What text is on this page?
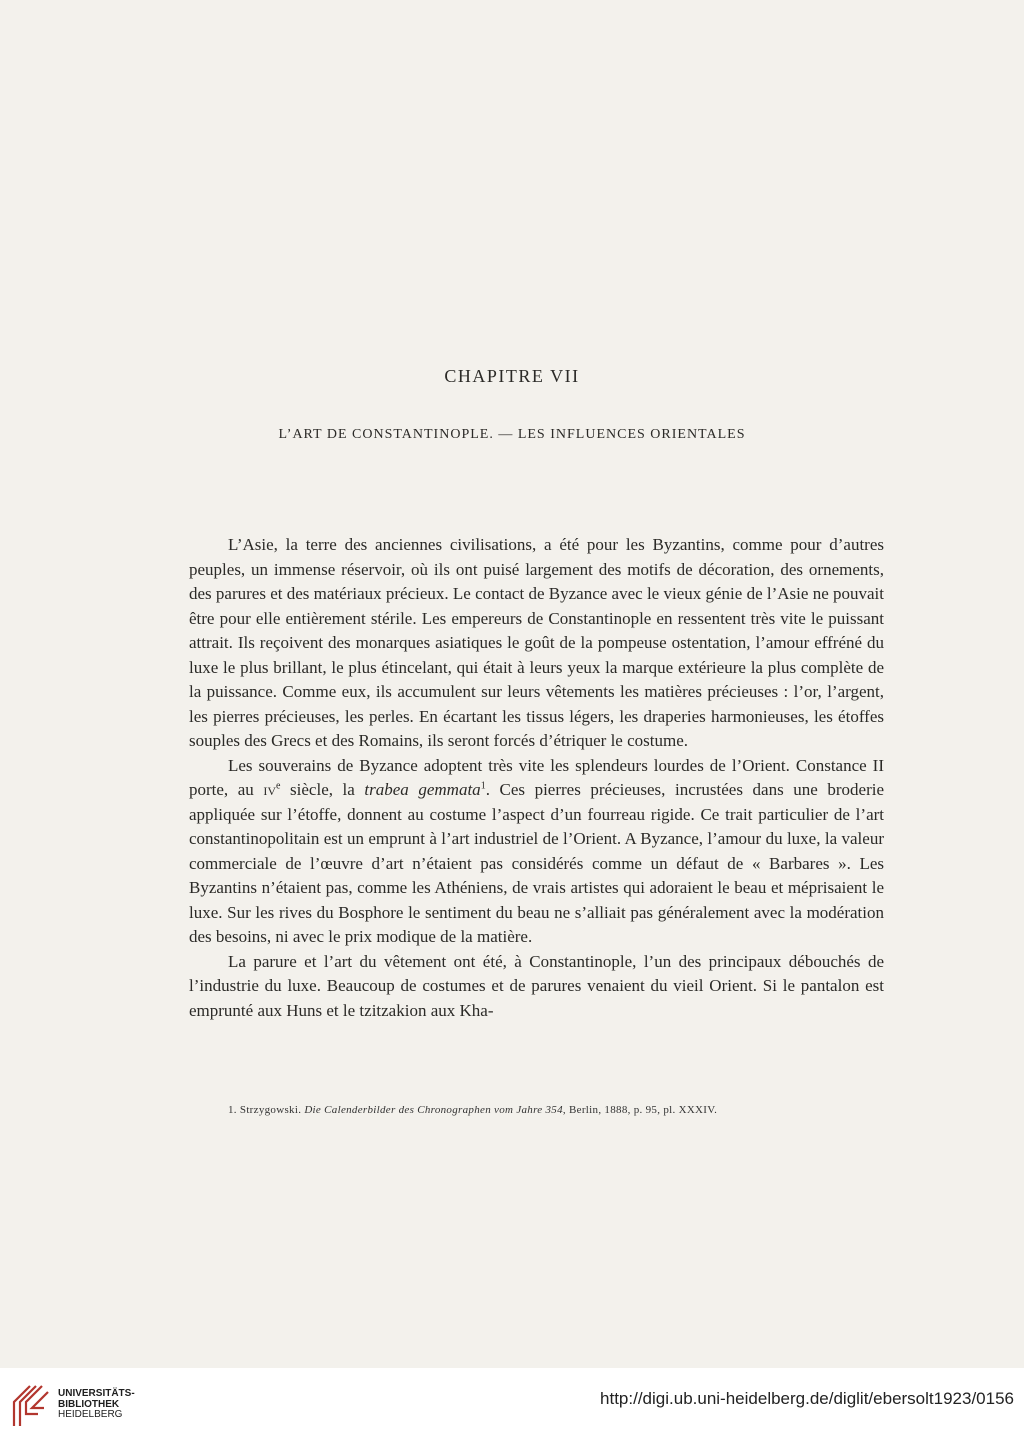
CHAPITRE VII
L’ART DE CONSTANTINOPLE. — LES INFLUENCES ORIENTALES

L’Asie, la terre des anciennes civilisations, a été pour les Byzantins, comme pour d’autres peuples, un immense réservoir, où ils ont puisé largement des motifs de décoration, des ornements, des parures et des matériaux précieux. Le contact de Byzance avec le vieux génie de l’Asie ne pouvait être pour elle entièrement stérile. Les empereurs de Constantinople en ressentent très vite le puissant attrait. Ils reçoivent des monarques asiatiques le goût de la pompeuse ostentation, l’amour effréné du luxe le plus brillant, le plus étincelant, qui était à leurs yeux la marque extérieure la plus complète de la puissance. Comme eux, ils accumulent sur leurs vêtements les matières précieuses : l’or, l’argent, les pierres précieuses, les perles. En écartant les tissus légers, les draperies harmonieuses, les étoffes souples des Grecs et des Romains, ils seront forcés d’étriquer le costume.

Les souverains de Byzance adoptent très vite les splendeurs lourdes de l’Orient. Constance II porte, au iv$^e$ siècle, la trabea gemmata$^1$. Ces pierres précieuses, incrustées dans une broderie appliquée sur l’étoffe, donnent au costume l’aspect d’un fourreau rigide. Ce trait particulier de l’art constantinopolitain est un emprunt à l’art industriel de l’Orient. A Byzance, l’amour du luxe, la valeur commerciale de l’œuvre d’art n’étaient pas considérés comme un défaut de « Barbares ». Les Byzantins n’étaient pas, comme les Athéniens, de vrais artistes qui adoraient le beau et méprisaient le luxe. Sur les rives du Bosphore le sentiment du beau ne s’alliait pas généralement avec la modération des besoins, ni avec le prix modique de la matière.

La parure et l’art du vêtement ont été, à Constantinople, l’un des principaux débouchés de l’industrie du luxe. Beaucoup de costumes et de parures venaient du vieil Orient. Si le pantalon est emprunté aux Huns et le tzitzakion aux Kha-

1. Strzygowski. Die Calenderbilder des Chronographen vom Jahre 354, Berlin, 1888, p. 95, pl. XXXIV.
UNIVERSITÄTS-
BIBLIOTHEK
HEIDELBERG
http://digi.ub.uni-heidelberg.de/diglit/ebersolt1923/0156
